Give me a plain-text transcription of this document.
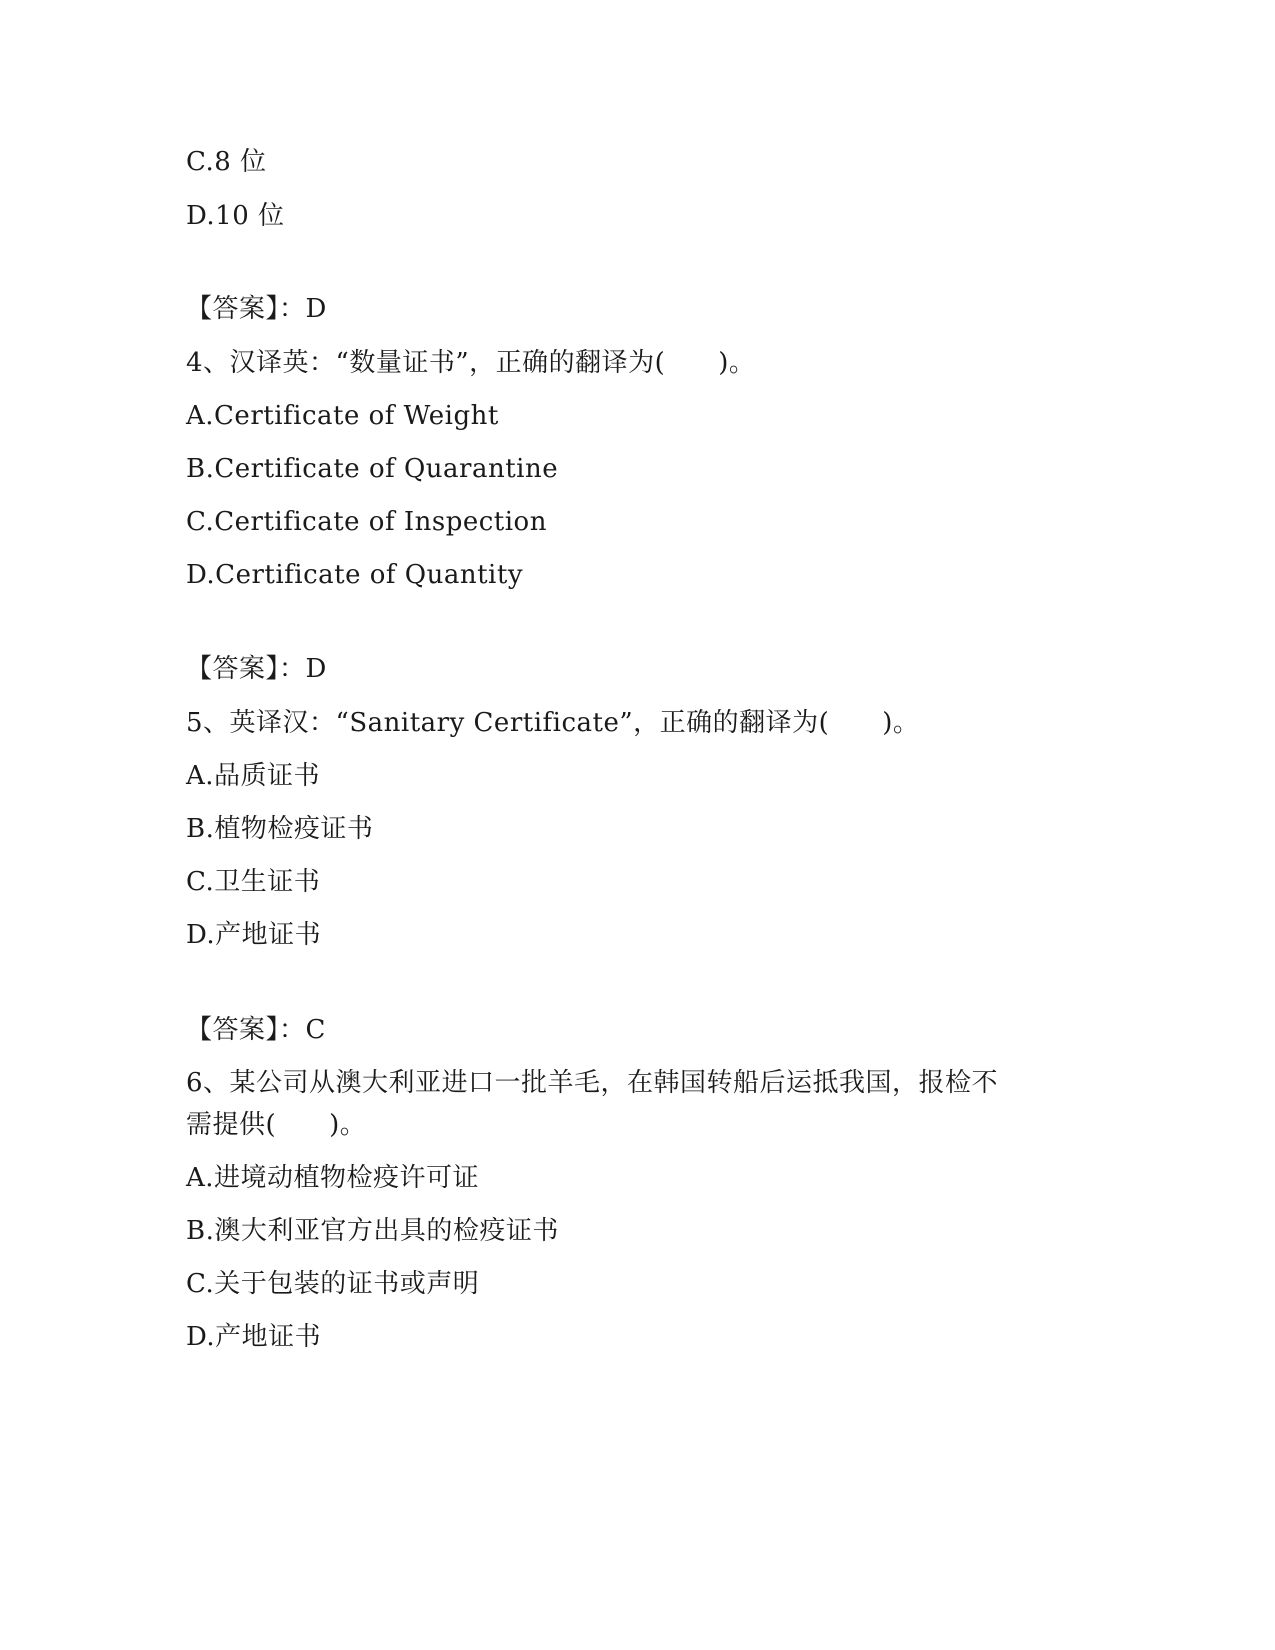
C.8 位
D.10 位
【答案】：D
4、汉译英：“数量证书”，正确的翻译为(　　)。
A.Certificate of Weight
B.Certificate of Quarantine
C.Certificate of Inspection
D.Certificate of Quantity
【答案】：D
5、英译汉：“Sanitary Certificate”，正确的翻译为(　　)。
A.品质证书
B.植物检疫证书
C.卫生证书
D.产地证书
【答案】：C
6、某公司从澳大利亚进口一批羊毛，在韩国转船后运抵我国，报检不
需提供(　　)。
A.进境动植物检疫许可证
B.澳大利亚官方出具的检疫证书
C.关于包装的证书或声明
D.产地证书
